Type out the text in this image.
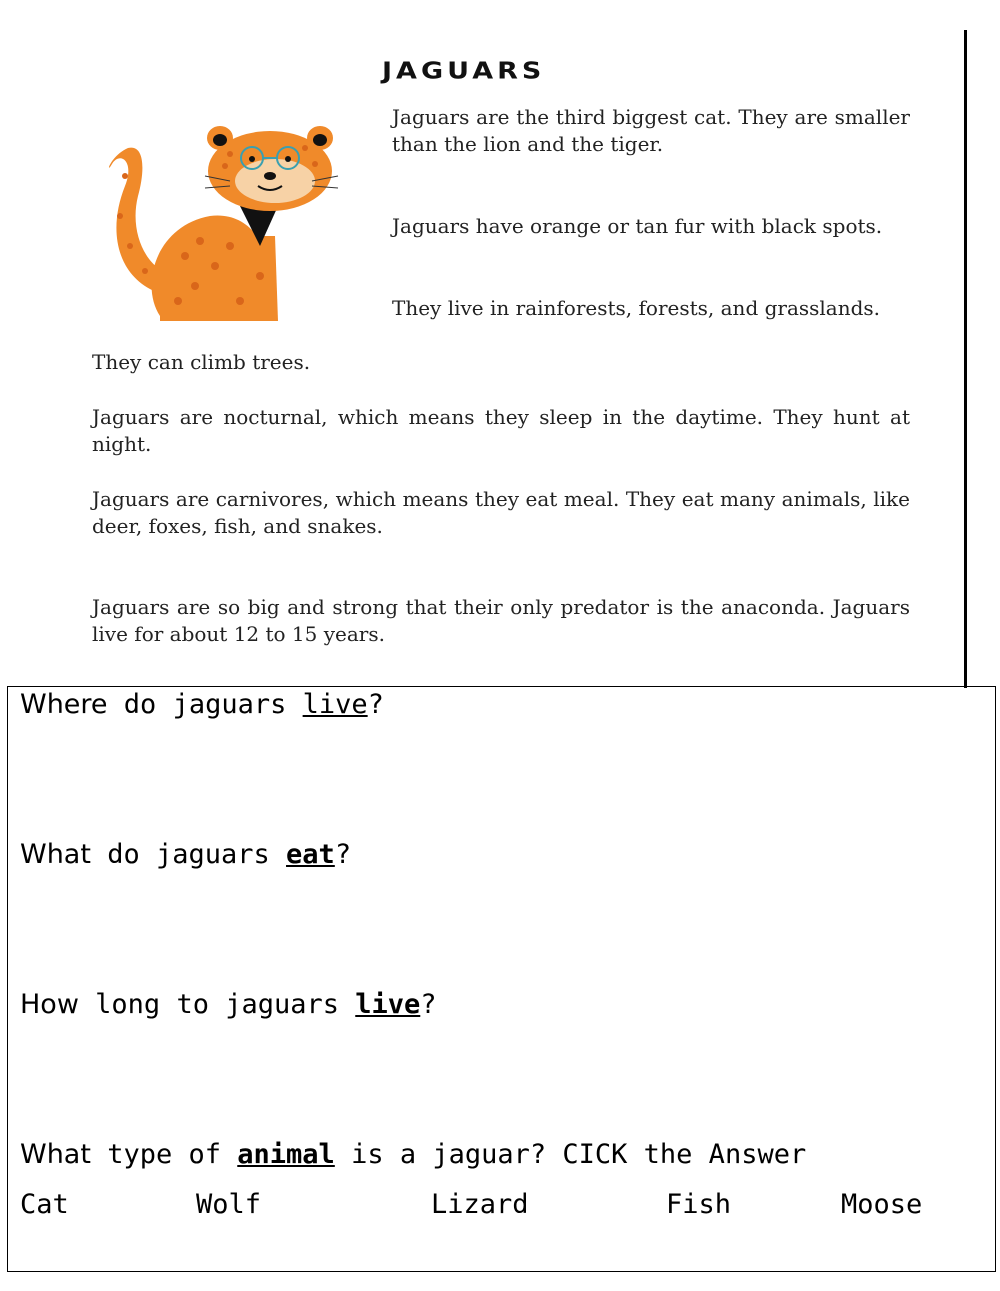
JAGUARS

Jaguars are the third biggest cat. They are smaller than the lion and the tiger.

Jaguars have orange or tan fur with black spots.

They live in rainforests, forests, and grasslands.

They can climb trees.

Jaguars are nocturnal, which means they sleep in the daytime. They hunt at night.

Jaguars are carnivores, which means they eat meal. They eat many animals, like deer, foxes, fish, and snakes.

Jaguars are so big and strong that their only predator is the anaconda. Jaguars live for about 12 to 15 years.

Where do jaguars live?
What do jaguars eat?
How long to jaguars live?
What type of animal is a jaguar? CICK the Answer
Cat	Wolf	Lizard	Fish	Moose
